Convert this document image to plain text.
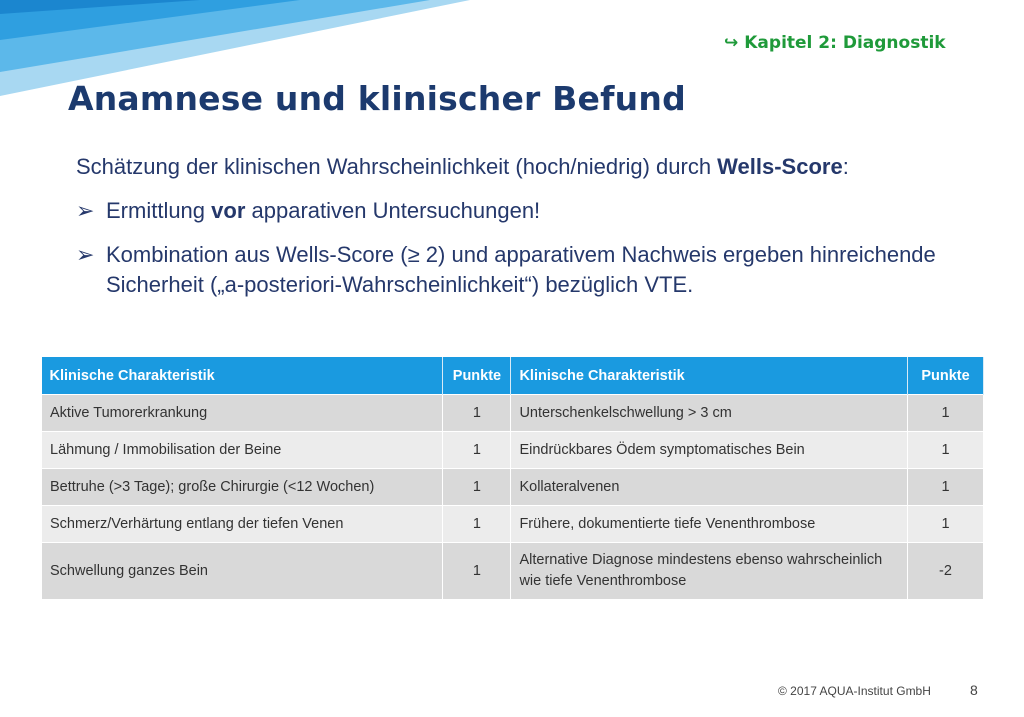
↪ Kapitel 2: Diagnostik
Anamnese und klinischer Befund

Schätzung der klinischen Wahrscheinlichkeit (hoch/niedrig) durch Wells-Score:

➢ Ermittlung vor apparativen Untersuchungen!
➢ Kombination aus Wells-Score (≥ 2) und apparativem Nachweis ergeben hinreichende Sicherheit („a-posteriori-Wahrscheinlichkeit“) bezüglich VTE.
Klinische Charakteristik	Punkte	Klinische Charakteristik	Punkte
Aktive Tumorerkrankung	1	Unterschenkelschwellung > 3 cm	1
Lähmung / Immobilisation der Beine	1	Eindrückbares Ödem symptomatisches Bein	1
Bettruhe (>3 Tage); große Chirurgie (<12 Wochen)	1	Kollateralvenen	1
Schmerz/Verhärtung entlang der tiefen Venen	1	Frühere, dokumentierte tiefe Venenthrombose	1
Schwellung ganzes Bein	1	Alternative Diagnose mindestens ebenso wahrscheinlich wie tiefe Venenthrombose	-2
© 2017 AQUA-Institut GmbH	8
